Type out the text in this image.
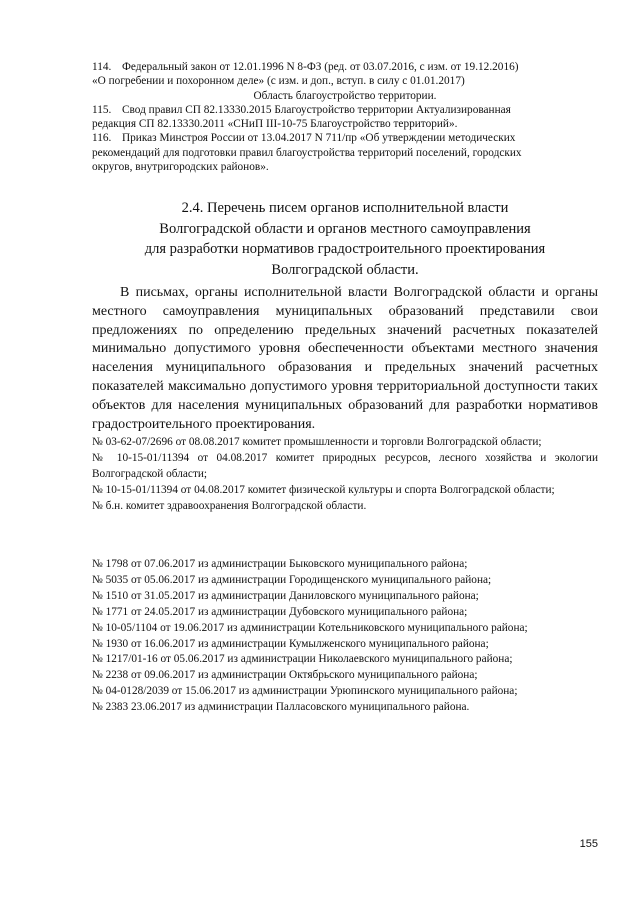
114. Федеральный закон от 12.01.1996 N 8-ФЗ (ред. от 03.07.2016, с изм. от 19.12.2016)

«О погребении и похоронном деле» (с изм. и доп., вступ. в силу с 01.01.2017)

Область благоустройство территории.

115. Свод правил СП 82.13330.2015 Благоустройство территории Актуализированная

редакция СП 82.13330.2011 «СНиП III-10-75 Благоустройство территорий».

116. Приказ Минстроя России от 13.04.2017 N 711/пр «Об утверждении методических

рекомендаций для подготовки правил благоустройства территорий поселений, городских

округов, внутригородских районов».

2.4. Перечень писем органов исполнительной власти

Волгоградской области и органов местного самоуправления

для разработки нормативов градостроительного проектирования

Волгоградской области.

В письмах, органы исполнительной власти Волгоградской области и органы местного самоуправления муниципальных образований представили свои предложениях по определению предельных значений расчетных показателей минимально допустимого уровня обеспеченности объектами местного значения населения муниципального образования и предельных значений расчетных показателей максимально допустимого уровня территориальной доступности таких объектов для населения муниципальных образований для разработки нормативов градостроительного проектирования.

№ 03-62-07/2696 от 08.08.2017 комитет промышленности и торговли Волгоградской области;

№ 10-15-01/11394 от 04.08.2017 комитет природных ресурсов, лесного хозяйства и экологии Волгоградской области;

№ 10-15-01/11394 от 04.08.2017 комитет физической культуры и спорта Волгоградской области;

№ б.н. комитет здравоохранения Волгоградской области.

№ 1798 от 07.06.2017 из администрации Быковского муниципального района;

№ 5035 от 05.06.2017 из администрации Городищенского муниципального района;

№ 1510 от 31.05.2017 из администрации Даниловского муниципального района;

№ 1771 от 24.05.2017 из администрации Дубовского муниципального района;

№ 10-05/1104 от 19.06.2017 из администрации Котельниковского муниципального района;

№ 1930 от 16.06.2017 из администрации Кумылженского муниципального района;

№ 1217/01-16 от 05.06.2017 из администрации Николаевского муниципального района;

№ 2238 от 09.06.2017 из администрации Октябрьского муниципального района;

№ 04-0128/2039 от 15.06.2017 из администрации Урюпинского муниципального района;

№ 2383 23.06.2017 из администрации Палласовского муниципального района.

155
